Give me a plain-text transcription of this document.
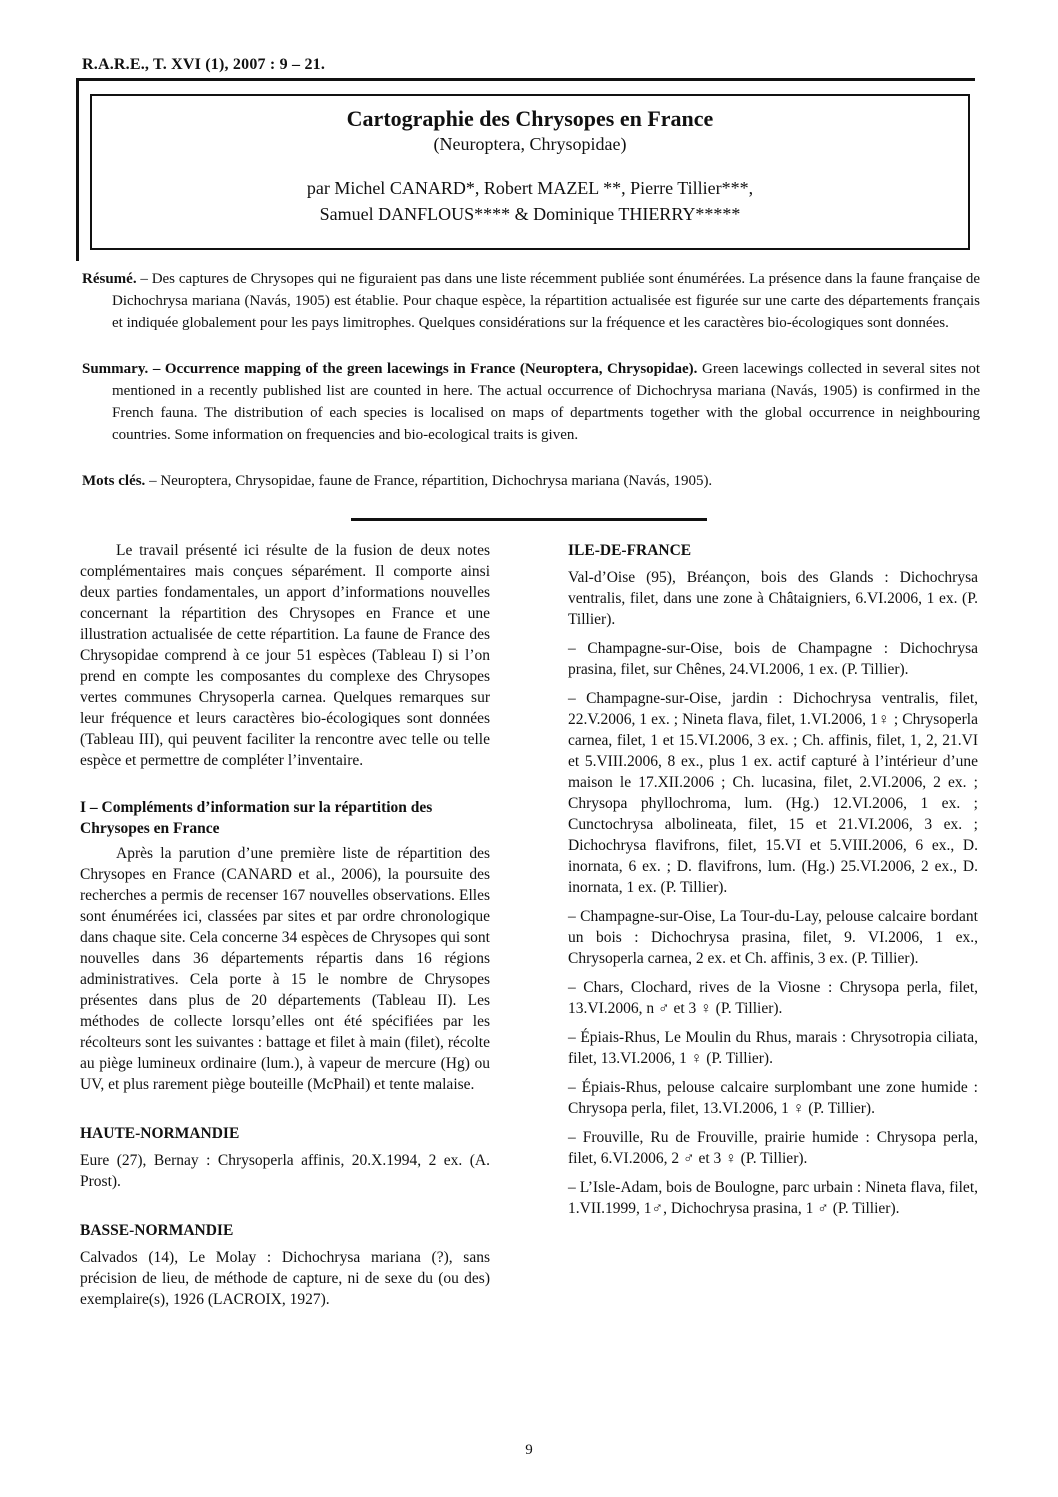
R.A.R.E., T. XVI (1), 2007 : 9 – 21.
Cartographie des Chrysopes en France
(Neuroptera, Chrysopidae)
par Michel CANARD*, Robert MAZEL **, Pierre Tillier***,
Samuel DANFLOUS**** & Dominique THIERRY*****
Résumé. – Des captures de Chrysopes qui ne figuraient pas dans une liste récemment publiée sont énumérées. La présence dans la faune française de Dichochrysa mariana (Navás, 1905) est établie. Pour chaque espèce, la répartition actualisée est figurée sur une carte des départements français et indiquée globalement pour les pays limitrophes. Quelques considérations sur la fréquence et les caractères bio-écologiques sont données.
Summary. – Occurrence mapping of the green lacewings in France (Neuroptera, Chrysopidae). Green lacewings collected in several sites not mentioned in a recently published list are counted in here. The actual occurrence of Dichochrysa mariana (Navás, 1905) is confirmed in the French fauna. The distribution of each species is localised on maps of departments together with the global occurrence in neighbouring countries. Some information on frequencies and bio-ecological traits is given.
Mots clés. – Neuroptera, Chrysopidae, faune de France, répartition, Dichochrysa mariana (Navás, 1905).

Le travail présenté ici résulte de la fusion de deux notes complémentaires mais conçues séparément. Il comporte ainsi deux parties fondamentales, un apport d’informations nouvelles concernant la répartition des Chrysopes en France et une illustration actualisée de cette répartition. La faune de France des Chrysopidae comprend à ce jour 51 espèces (Tableau I) si l’on prend en compte les composantes du complexe des Chrysopes vertes communes Chrysoperla carnea. Quelques remarques sur leur fréquence et leurs caractères bio-écologiques sont données (Tableau III), qui peuvent faciliter la rencontre avec telle ou telle espèce et permettre de compléter l’inventaire.

I – Compléments d’information sur la répartition des Chrysopes en France

Après la parution d’une première liste de répartition des Chrysopes en France (CANARD et al., 2006), la poursuite des recherches a permis de recenser 167 nouvelles observations. Elles sont énumérées ici, classées par sites et par ordre chronologique dans chaque site. Cela concerne 34 espèces de Chrysopes qui sont nouvelles dans 36 départements répartis dans 16 régions administratives. Cela porte à 15 le nombre de Chrysopes présentes dans plus de 20 départements (Tableau II). Les méthodes de collecte lorsqu’elles ont été spécifiées par les récolteurs sont les suivantes : battage et filet à main (filet), récolte au piège lumineux ordinaire (lum.), à vapeur de mercure (Hg) ou UV, et plus rarement piège bouteille (McPhail) et tente malaise.

HAUTE-NORMANDIE

Eure (27), Bernay : Chrysoperla affinis, 20.X.1994, 2 ex. (A. Prost).

BASSE-NORMANDIE

Calvados (14), Le Molay : Dichochrysa mariana (?), sans précision de lieu, de méthode de capture, ni de sexe du (ou des) exemplaire(s), 1926 (LACROIX, 1927).

ILE-DE-FRANCE

Val-d’Oise (95), Bréançon, bois des Glands : Dichochrysa ventralis, filet, dans une zone à Châtaigniers, 6.VI.2006, 1 ex. (P. Tillier).

– Champagne-sur-Oise, bois de Champagne : Dichochrysa prasina, filet, sur Chênes, 24.VI.2006, 1 ex. (P. Tillier).

– Champagne-sur-Oise, jardin : Dichochrysa ventralis, filet, 22.V.2006, 1 ex. ; Nineta flava, filet, 1.VI.2006, 1♀ ; Chrysoperla carnea, filet, 1 et 15.VI.2006, 3 ex. ; Ch. affinis, filet, 1, 2, 21.VI et 5.VIII.2006, 8 ex., plus 1 ex. actif capturé à l’intérieur d’une maison le 17.XII.2006 ; Ch. lucasina, filet, 2.VI.2006, 2 ex. ; Chrysopa phyllochroma, lum. (Hg.) 12.VI.2006, 1 ex. ; Cunctochrysa albolineata, filet, 15 et 21.VI.2006, 3 ex. ; Dichochrysa flavifrons, filet, 15.VI et 5.VIII.2006, 6 ex., D. inornata, 6 ex. ; D. flavifrons, lum. (Hg.) 25.VI.2006, 2 ex., D. inornata, 1 ex. (P. Tillier).

– Champagne-sur-Oise, La Tour-du-Lay, pelouse calcaire bordant un bois : Dichochrysa prasina, filet, 9. VI.2006, 1 ex., Chrysoperla carnea, 2 ex. et Ch. affinis, 3 ex. (P. Tillier).

– Chars, Clochard, rives de la Viosne : Chrysopa perla, filet, 13.VI.2006, n ♂ et 3 ♀ (P. Tillier).

– Épiais-Rhus, Le Moulin du Rhus, marais : Chrysotropia ciliata, filet, 13.VI.2006, 1 ♀ (P. Tillier).

– Épiais-Rhus, pelouse calcaire surplombant une zone humide : Chrysopa perla, filet, 13.VI.2006, 1 ♀ (P. Tillier).

– Frouville, Ru de Frouville, prairie humide : Chrysopa perla, filet, 6.VI.2006, 2 ♂ et 3 ♀ (P. Tillier).

– L’Isle-Adam, bois de Boulogne, parc urbain : Nineta flava, filet, 1.VII.1999, 1♂, Dichochrysa prasina, 1 ♂ (P. Tillier).

9
